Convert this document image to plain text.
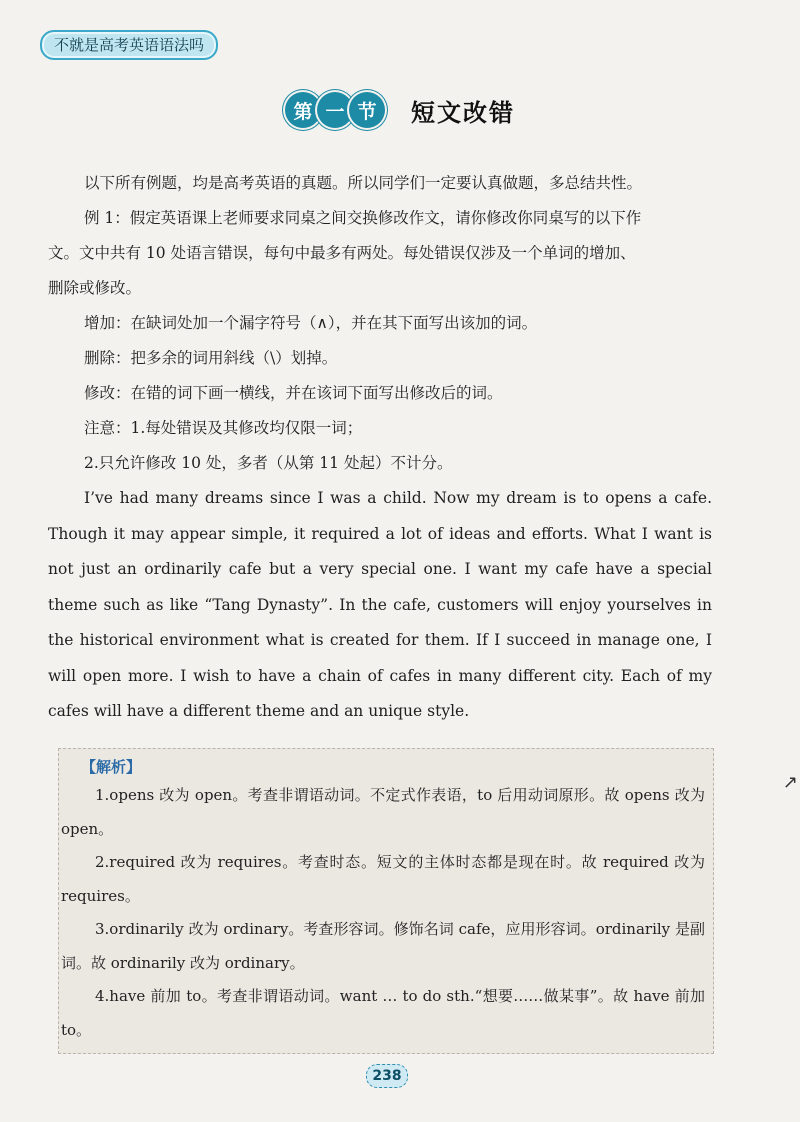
不就是高考英语语法吗
第 一 节	短文改错

以下所有例题，均是高考英语的真题。所以同学们一定要认真做题，多总结共性。

例 1：假定英语课上老师要求同桌之间交换修改作文，请你修改你同桌写的以下作

文。文中共有 10 处语言错误，每句中最多有两处。每处错误仅涉及一个单词的增加、

删除或修改。

增加：在缺词处加一个漏字符号（∧），并在其下面写出该加的词。

删除：把多余的词用斜线（\）划掉。

修改：在错的词下画一横线，并在该词下面写出修改后的词。

注意：1.每处错误及其修改均仅限一词；

2.只允许修改 10 处，多者（从第 11 处起）不计分。

I’ve had many dreams since I was a child. Now my dream is to opens a cafe. Though it may appear simple, it required a lot of ideas and efforts. What I want is not just an ordinarily cafe but a very special one. I want my cafe have a special theme such as like “Tang Dynasty”. In the cafe, customers will enjoy yourselves in the historical environment what is created for them. If I succeed in manage one, I will open more. I wish to have a chain of cafes in many different city. Each of my cafes will have a different theme and an unique style.

【解析】

1.opens 改为 open。考查非谓语动词。不定式作表语，to 后用动词原形。故 opens 改为 open。

2.required 改为 requires。考查时态。短文的主体时态都是现在时。故 required 改为 requires。

3.ordinarily 改为 ordinary。考查形容词。修饰名词 cafe，应用形容词。ordinarily 是副词。故 ordinarily 改为 ordinary。

4.have 前加 to。考查非谓语动词。want … to do sth.“想要……做某事”。故 have 前加 to。

↗
238
